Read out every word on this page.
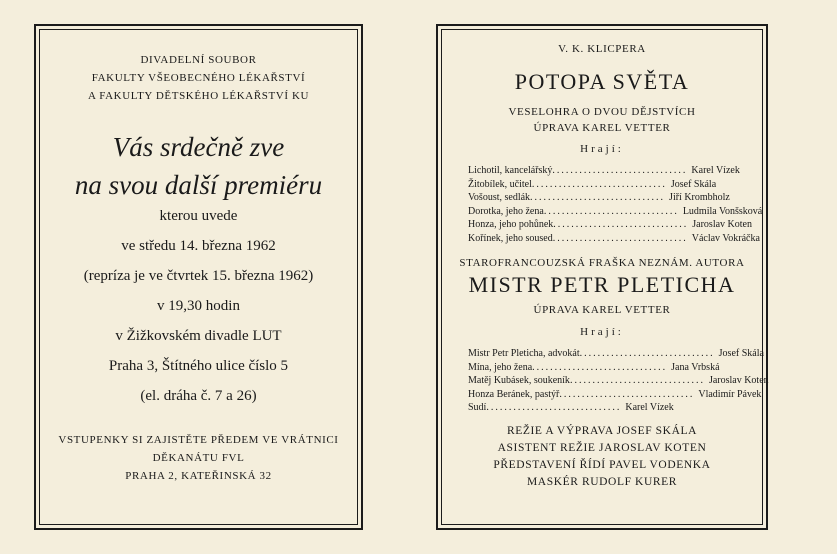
DIVADELNÍ SOUBOR
FAKULTY VŠEOBECNÉHO LÉKAŘSTVÍ
A FAKULTY DĚTSKÉHO LÉKAŘSTVÍ KU
Vás srdečně zve
na svou další premiéru
kterou uvede
ve středu 14. března 1962
(repríza je ve čtvrtek 15. března 1962)
v 19,30 hodin
v Žižkovském divadle LUT
Praha 3, Štítného ulice číslo 5
(el. dráha č. 7 a 26)
VSTUPENKY SI ZAJISTĚTE PŘEDEM VE VRÁTNICI
DĚKANÁTU FVL
PRAHA 2, KATEŘINSKÁ 32
V. K. KLICPERA
POTOPA SVĚTA
VESELOHRA O DVOU DĚJSTVÍCH
ÚPRAVA KAREL VETTER
Hrají:
Lichotil, kancelářský .............................. Karel Vízek
Žitobílek, učitel .............................. Josef Skála
Vošoust, sedlák .............................. Jiří Krombholz
Dorotka, jeho žena .............................. Ludmila Vonšsková
Honza, jeho pohůnek .............................. Jaroslav Koten
Kořínek, jeho soused .............................. Václav Vokráčka
STAROFRANCOUZSKÁ FRAŠKA NEZNÁM. AUTORA
MISTR PETR PLETICHA
ÚPRAVA KAREL VETTER
Hrají:
Mistr Petr Pleticha, advokát .............................. Josef Skála
Mína, jeho žena .............................. Jana Vrbská
Matěj Kubásek, soukeník .............................. Jaroslav Koten
Honza Beránek, pastýř .............................. Vladimír Pávek
Sudí .............................. Karel Vízek
REŽIE A VÝPRAVA JOSEF SKÁLA
ASISTENT REŽIE JAROSLAV KOTEN
PŘEDSTAVENÍ ŘÍDÍ PAVEL VODENKA
MASKÉR RUDOLF KURER
